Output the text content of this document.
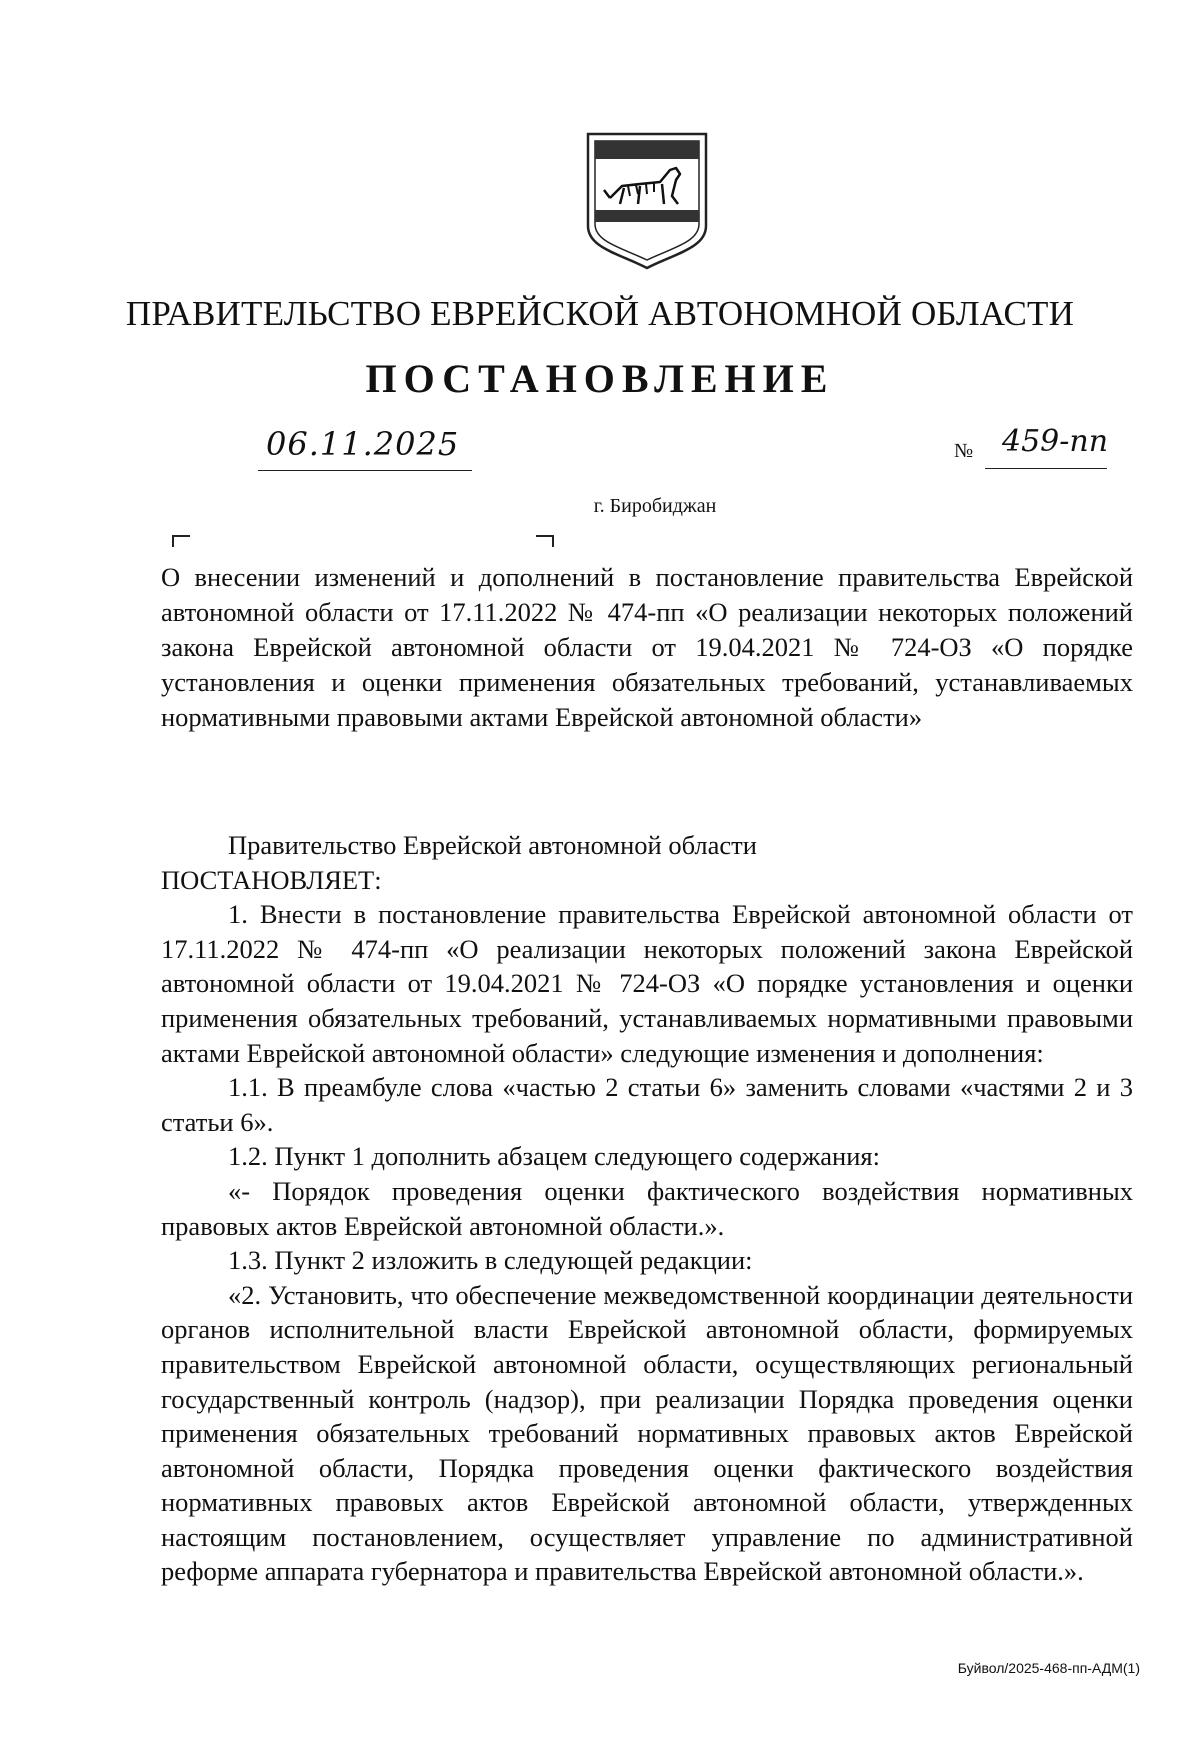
ПРАВИТЕЛЬСТВО ЕВРЕЙСКОЙ АВТОНОМНОЙ ОБЛАСТИ
ПОСТАНОВЛЕНИЕ
06.11.2025	№ 459-пп
г. Биробиджан
О внесении изменений и дополнений в постановление правительства Еврейской автономной области от 17.11.2022 № 474-пп «О реализации некоторых положений закона Еврейской автономной области от 19.04.2021 № 724-ОЗ «О порядке установления и оценки применения обязательных требований, устанавливаемых нормативными правовыми актами Еврейской автономной области»

Правительство Еврейской автономной области

ПОСТАНОВЛЯЕТ:

1. Внести в постановление правительства Еврейской автономной области от 17.11.2022 № 474-пп «О реализации некоторых положений закона Еврейской автономной области от 19.04.2021 № 724-ОЗ «О порядке установления и оценки применения обязательных требований, устанавливаемых нормативными правовыми актами Еврейской автономной области» следующие изменения и дополнения:

1.1. В преамбуле слова «частью 2 статьи 6» заменить словами «частями 2 и 3 статьи 6».

1.2. Пункт 1 дополнить абзацем следующего содержания:

«- Порядок проведения оценки фактического воздействия нормативных правовых актов Еврейской автономной области.».

1.3. Пункт 2 изложить в следующей редакции:

«2. Установить, что обеспечение межведомственной координации деятельности органов исполнительной власти Еврейской автономной области, формируемых правительством Еврейской автономной области, осуществляющих региональный государственный контроль (надзор), при реализации Порядка проведения оценки применения обязательных требований нормативных правовых актов Еврейской автономной области, Порядка проведения оценки фактического воздействия нормативных правовых актов Еврейской автономной области, утвержденных настоящим постановлением, осуществляет управление по административной реформе аппарата губернатора и правительства Еврейской автономной области.».

Буйвол/2025-468-пп-АДМ(1)
